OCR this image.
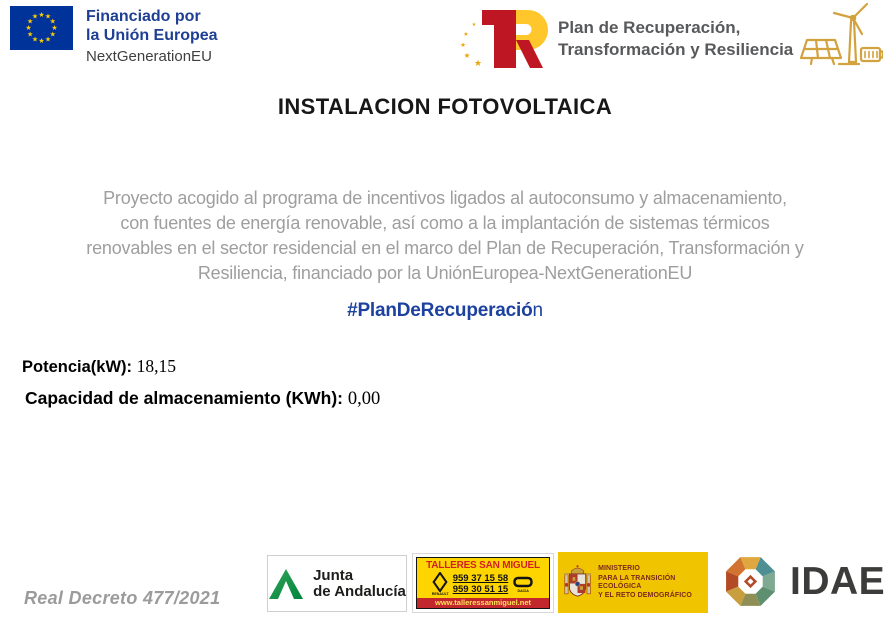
★ ★
★
★
★
★
★
★
★
★
★
★	Financiado por
la Unión Europea
NextGenerationEU
★
★
★
★
★
Plan de Recuperación,
Transformación y Resiliencia
INSTALACION FOTOVOLTAICA
Proyecto acogido al programa de incentivos ligados al autoconsumo y almacenamiento,
con fuentes de energía renovable, así como a la implantación de sistemas térmicos
renovables en el sector residencial en el marco del Plan de Recuperación, Transformación y
Resiliencia, financiado por la UniónEuropea-NextGenerationEU
#PlanDeRecuperación
Potencia(kW): 18,15
Capacidad de almacenamiento (KWh): 0,00
Real Decreto 477/2021
Junta
de Andalucía
TALLERES SAN MIGUEL
RENAULT
959 37 15 58
959 30 51 15	DACIA
www.talleressanmiguel.net
MINISTERIO
PARA LA TRANSICIÓN ECOLÓGICA
Y EL RETO DEMOGRÁFICO	IDAE
